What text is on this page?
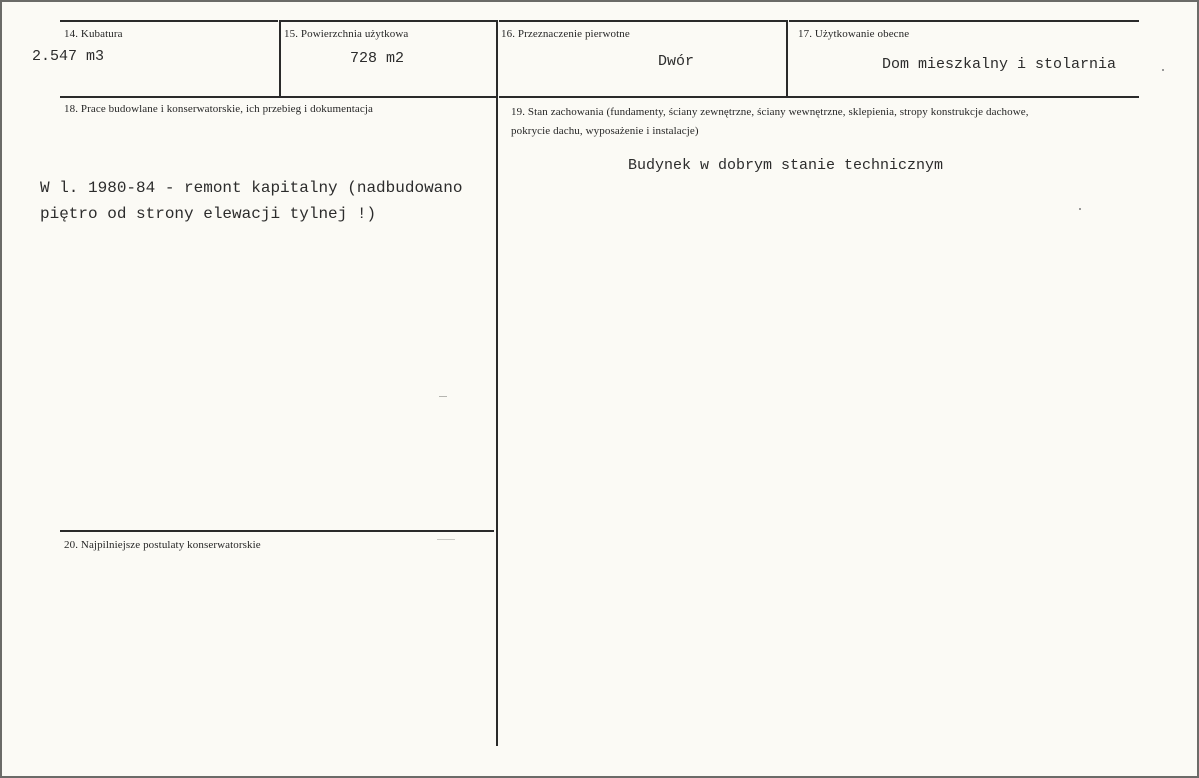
14. Kubatura
2.547 m3
15. Powierzchnia użytkowa
728 m2
16. Przeznaczenie pierwotne
Dwór
17. Użytkowanie obecne
Dom mieszkalny i stolarnia
18. Prace budowlane i konserwatorskie, ich przebieg i dokumentacja
W l. 1980-84 - remont kapitalny (nadbudowano piętro od strony elewacji tylnej !)
19. Stan zachowania (fundamenty, ściany zewnętrzne, ściany wewnętrzne, sklepienia, stropy konstrukcje dachowe, pokrycie dachu, wyposażenie i instalacje)
Budynek w dobrym stanie technicznym
20. Najpilniejsze postulaty konserwatorskie
